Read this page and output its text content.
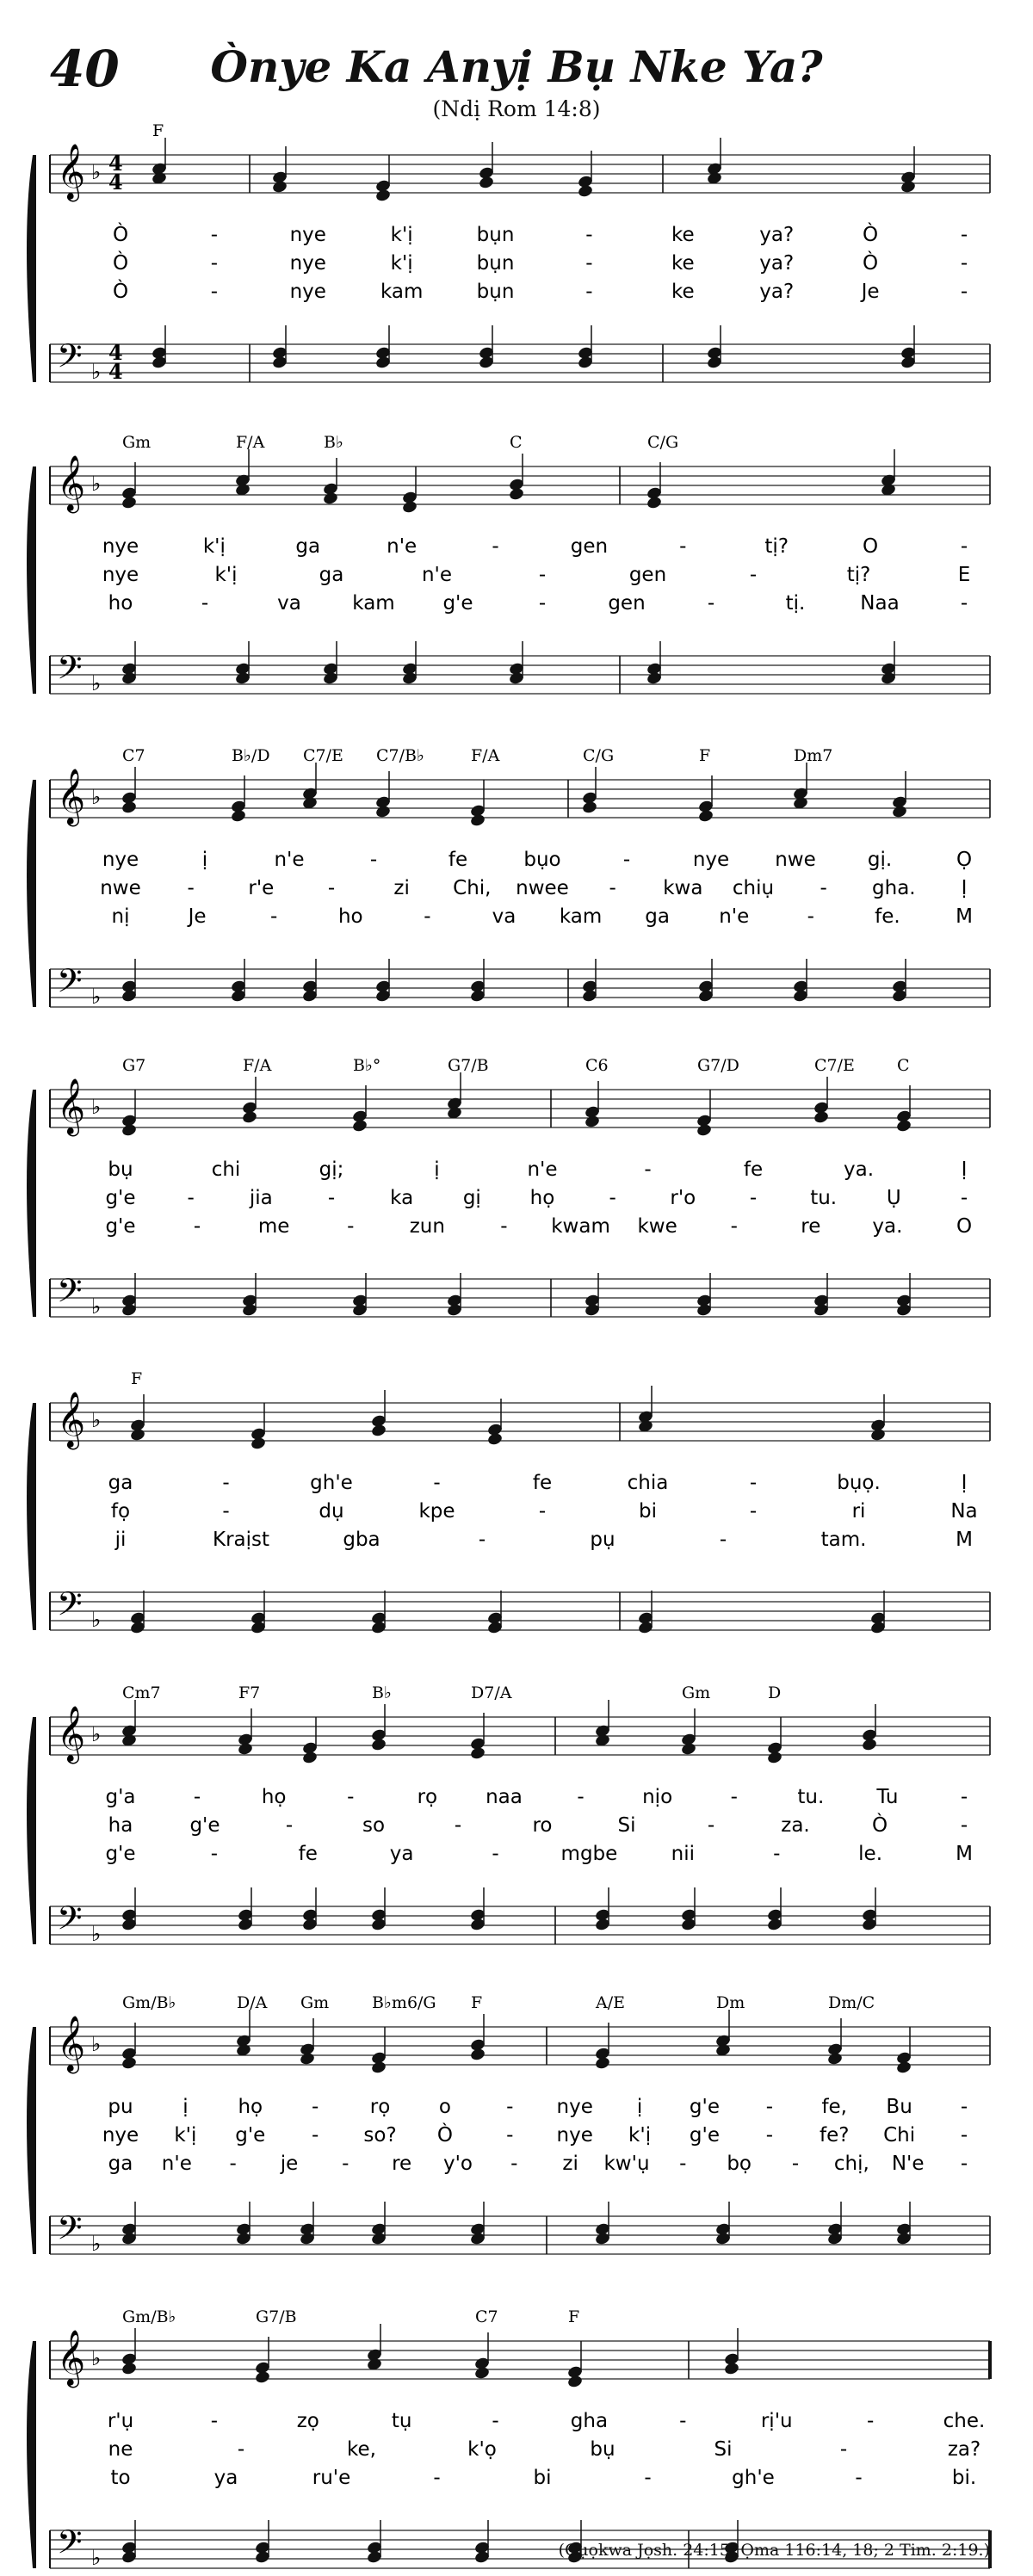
40	Ònye Ka Anyị Bụ Nke Ya?
(Ndị Rom 14:8)
𝄞
𝄢
♭
♭
4
4
4
4
F
Ò	-	nye	k'ị	bụn	-	ke	ya?	Ò	-
Ò	-	nye	k'ị	bụn	-	ke	ya?	Ò	-
Ò	-	nye	kam	bụn	-	ke	ya?	Je	-
𝄞
𝄢
♭
♭
Gm	F/A	B♭	C	C/G
nye	k'ị	ga	n'e	-	gen	-	tị?	O	-
nye	k'ị	ga	n'e	-	gen	-	tị?	E
ho	-	va	kam g'e	-	gen	-	tị.	Naa	-
𝄞
𝄢
♭
♭
C7	B♭/D C7/E C7/B♭	F/A	C/G	F	Dm7
nye	ị	n'e	-	fe	bụo	-	nye nwe	gị.	Ọ
nwe -	r'e	-	zi Chi, nwee - kwa chiụ - gha. Ị
nị	Je	-	ho	-	va kam ga n'e	-	fe.	M
𝄞
𝄢
♭
♭
G7	F/A	B♭°	G7/B	C6	G7/D	C7/E	C
bụ	chi	gị;	ị	n'e	-	fe	ya.	Ị
g'e	-	jia	-	ka	gị họ	-	r'o	-	tu.	Ụ	-
g'e	-	me	-	zun	- kwam kwe	-	re	ya.	O
𝄞
𝄢
♭
♭
F
ga	-	gh'e	-	fe	chia	-	bụọ.	Ị
fọ	-	dụ	kpe	-	bi	-	ri	Na
ji	Kraịst	gba	-	pụ	-	tam.	M
𝄞
𝄢
♭
♭
Cm7	F7	B♭	D7/A	Gm	D
g'a	-	họ	-	rọ naa	-	nịo	-	tu.	Tu	-
ha	g'e	-	so	-	ro	Si	-	za.	Ò	-
g'e	-	fe	ya	-	mgbe	nii	-	le.	M
𝄞
𝄢
♭
♭
Gm/B♭	D/A Gm	B♭m6/G F	A/E	Dm	Dm/C
pu	ị	họ -	rọ o	- nye ị g'e - fe, Bu -
nye k'ị g'e - so? Ò	- nye k'ị g'e - fe? Chi -
ga n'e - je - re y'o - zi kw'ụ - bọ - chị, N'e -
𝄞
𝄢
♭
♭
Gm/B♭	G7/B	C7	F
r'ụ	-	zọ	tụ	-	gha	-	rị'u	-	che.
ne	-	ke,	k'ọ	bụ	Si	-	za?
to	ya	ru'e	-	bi	-	gh'e	-	bi.
(Gụọkwa Jọsh. 24:15; Ọma 116:14, 18; 2 Tim. 2:19.)
